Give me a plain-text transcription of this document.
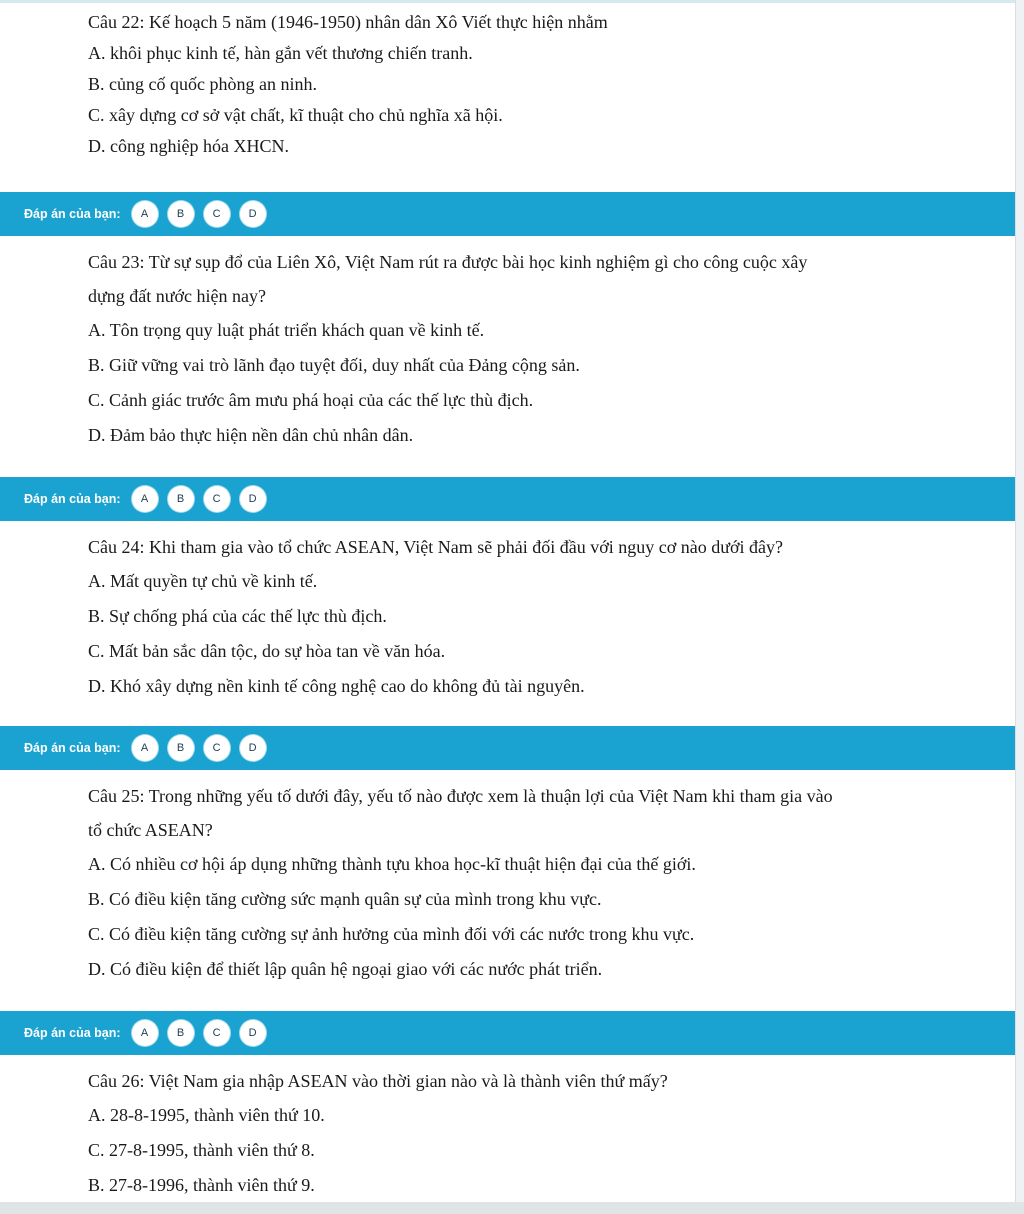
Câu 22: Kế hoạch 5 năm (1946-1950) nhân dân Xô Viết thực hiện nhằm

A. khôi phục kinh tế, hàn gắn vết thương chiến tranh.

B. củng cố quốc phòng an ninh.

C. xây dựng cơ sở vật chất, kĩ thuật cho chủ nghĩa xã hội.

D. công nghiệp hóa XHCN.

Đáp án của bạn:	A	B	C	D

Câu 23: Từ sự sụp đổ của Liên Xô, Việt Nam rút ra được bài học kinh nghiệm gì cho công cuộc xây

dựng đất nước hiện nay?

A. Tôn trọng quy luật phát triển khách quan về kinh tế.

B. Giữ vững vai trò lãnh đạo tuyệt đối, duy nhất của Đảng cộng sản.

C. Cảnh giác trước âm mưu phá hoại của các thế lực thù địch.

D. Đảm bảo thực hiện nền dân chủ nhân dân.

Đáp án của bạn:	A	B	C	D

Câu 24: Khi tham gia vào tổ chức ASEAN, Việt Nam sẽ phải đối đầu với nguy cơ nào dưới đây?

A. Mất quyền tự chủ về kinh tế.

B. Sự chống phá của các thế lực thù địch.

C. Mất bản sắc dân tộc, do sự hòa tan về văn hóa.

D. Khó xây dựng nền kinh tế công nghệ cao do không đủ tài nguyên.

Đáp án của bạn:	A	B	C	D

Câu 25: Trong những yếu tố dưới đây, yếu tố nào được xem là thuận lợi của Việt Nam khi tham gia vào

tổ chức ASEAN?

A. Có nhiều cơ hội áp dụng những thành tựu khoa học-kĩ thuật hiện đại của thế giới.

B. Có điều kiện tăng cường sức mạnh quân sự của mình trong khu vực.

C. Có điều kiện tăng cường sự ảnh hưởng của mình đối với các nước trong khu vực.

D. Có điều kiện để thiết lập quân hệ ngoại giao với các nước phát triển.

Đáp án của bạn:	A	B	C	D

Câu 26: Việt Nam gia nhập ASEAN vào thời gian nào và là thành viên thứ mấy?

A. 28-8-1995, thành viên thứ 10.

C. 27-8-1995, thành viên thứ 8.

B. 27-8-1996, thành viên thứ 9.
